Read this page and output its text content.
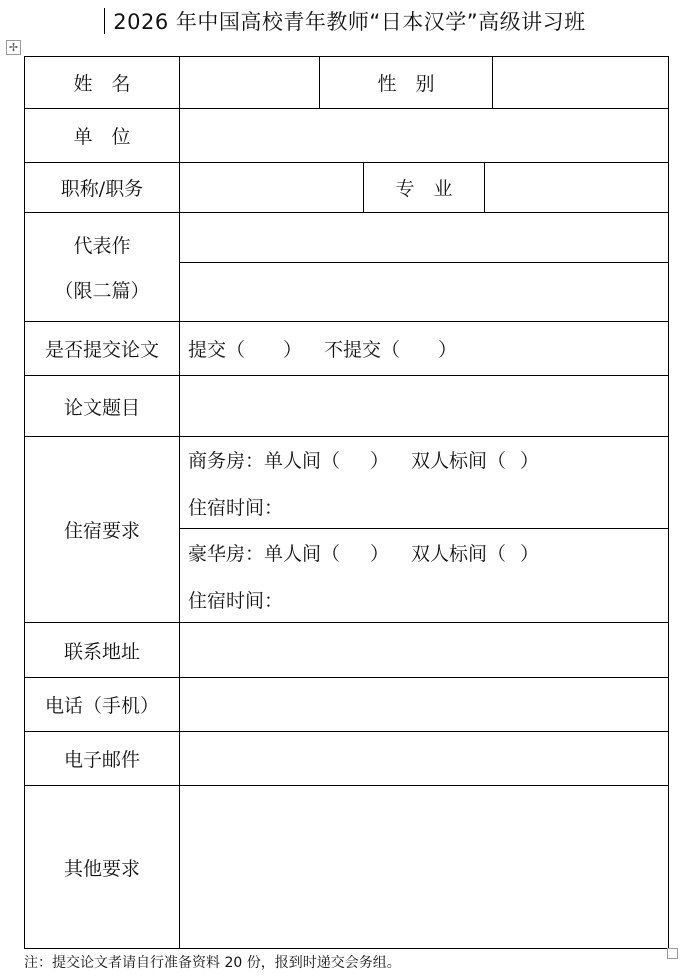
2026 年中国高校青年教师“日本汉学”高级讲习班
✢
姓　名		性　别			
单　位					
职称/职务			专　业		

代表作
（限二篇）					

是否提交论文	提交（ ） 不提交（ ）				
论文题目					
住宿要求	商务房：单人间（ ） 双人标间（ ）
住宿时间：				

	豪华房：单人间（ ） 双人标间（ ）
住宿时间：				

联系地址					
电话（手机）					
电子邮件					
其他要求					
注：提交论文者请自行准备资料 20 份，报到时递交会务组。
